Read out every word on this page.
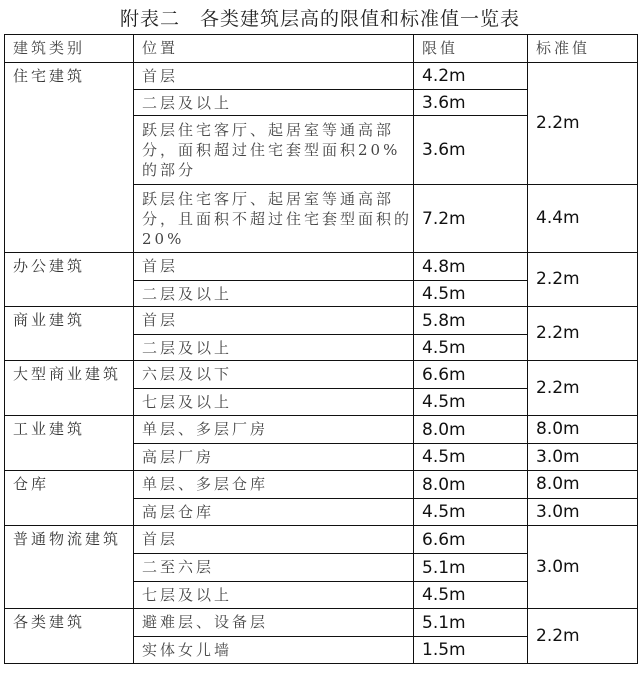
附表二　各类建筑层高的限值和标准值一览表
建筑类别	位置	限值	标准值
住宅建筑	首层	4.2m	2.2m
	二层及以上	3.6m	
	跃层住宅客厅、起居室等通高部分，面积超过住宅套型面积20%的部分	3.6m	
	跃层住宅客厅、起居室等通高部分，且面积不超过住宅套型面积的20%	7.2m	4.4m
办公建筑	首层	4.8m	2.2m
	二层及以上	4.5m	
商业建筑	首层	5.8m	2.2m
	二层及以上	4.5m	
大型商业建筑	六层及以下	6.6m	2.2m
	七层及以上	4.5m	
工业建筑	单层、多层厂房	8.0m	8.0m
	高层厂房	4.5m	3.0m
仓库	单层、多层仓库	8.0m	8.0m
	高层仓库	4.5m	3.0m
普通物流建筑	首层	6.6m	3.0m
	二至六层	5.1m	
	七层及以上	4.5m	
各类建筑	避难层、设备层	5.1m	2.2m
	实体女儿墙	1.5m	
